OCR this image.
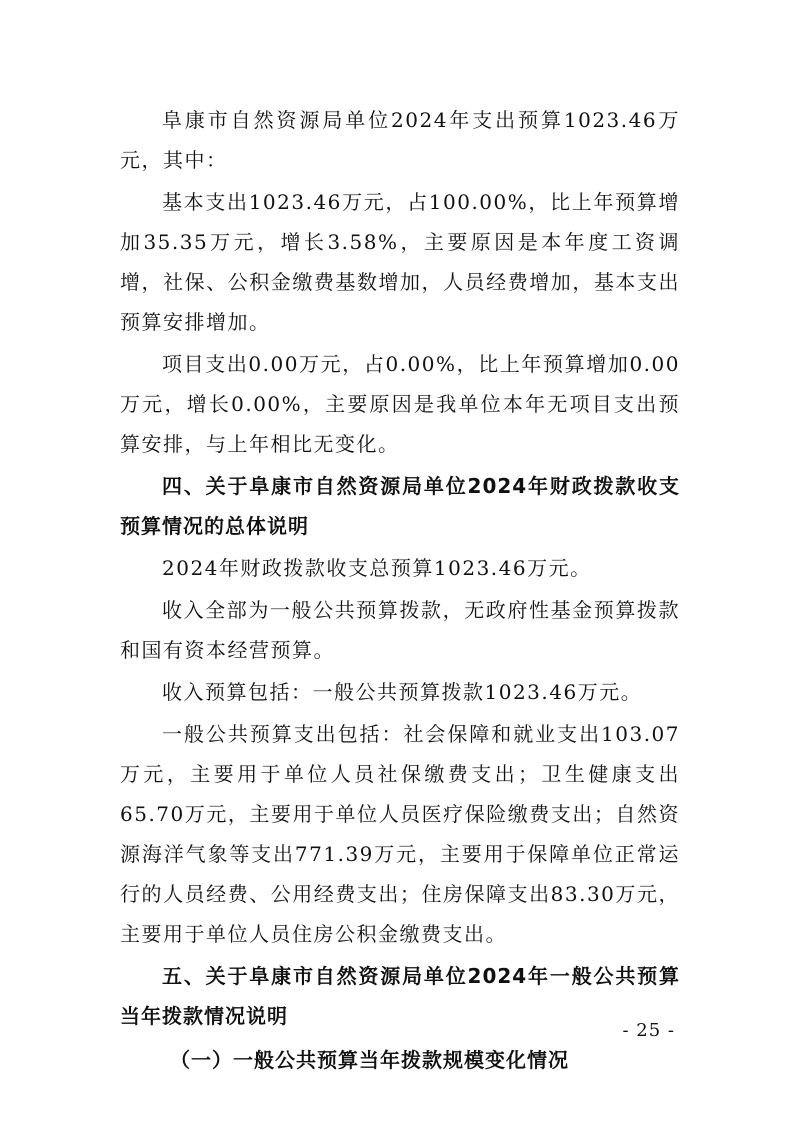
阜康市自然资源局单位2024年支出预算1023.46万元，其中：

基本支出1023.46万元，占100.00%，比上年预算增加35.35万元，增长3.58%，主要原因是本年度工资调增，社保、公积金缴费基数增加，人员经费增加，基本支出预算安排增加。

项目支出0.00万元，占0.00%，比上年预算增加0.00万元，增长0.00%，主要原因是我单位本年无项目支出预算安排，与上年相比无变化。

四、关于阜康市自然资源局单位2024年财政拨款收支预算情况的总体说明

2024年财政拨款收支总预算1023.46万元。

收入全部为一般公共预算拨款，无政府性基金预算拨款和国有资本经营预算。

收入预算包括：一般公共预算拨款1023.46万元。

一般公共预算支出包括：社会保障和就业支出103.07万元，主要用于单位人员社保缴费支出；卫生健康支出65.70万元，主要用于单位人员医疗保险缴费支出；自然资源海洋气象等支出771.39万元，主要用于保障单位正常运行的人员经费、公用经费支出；住房保障支出83.30万元，主要用于单位人员住房公积金缴费支出。

五、关于阜康市自然资源局单位2024年一般公共预算当年拨款情况说明

（一）一般公共预算当年拨款规模变化情况

- 25 -
